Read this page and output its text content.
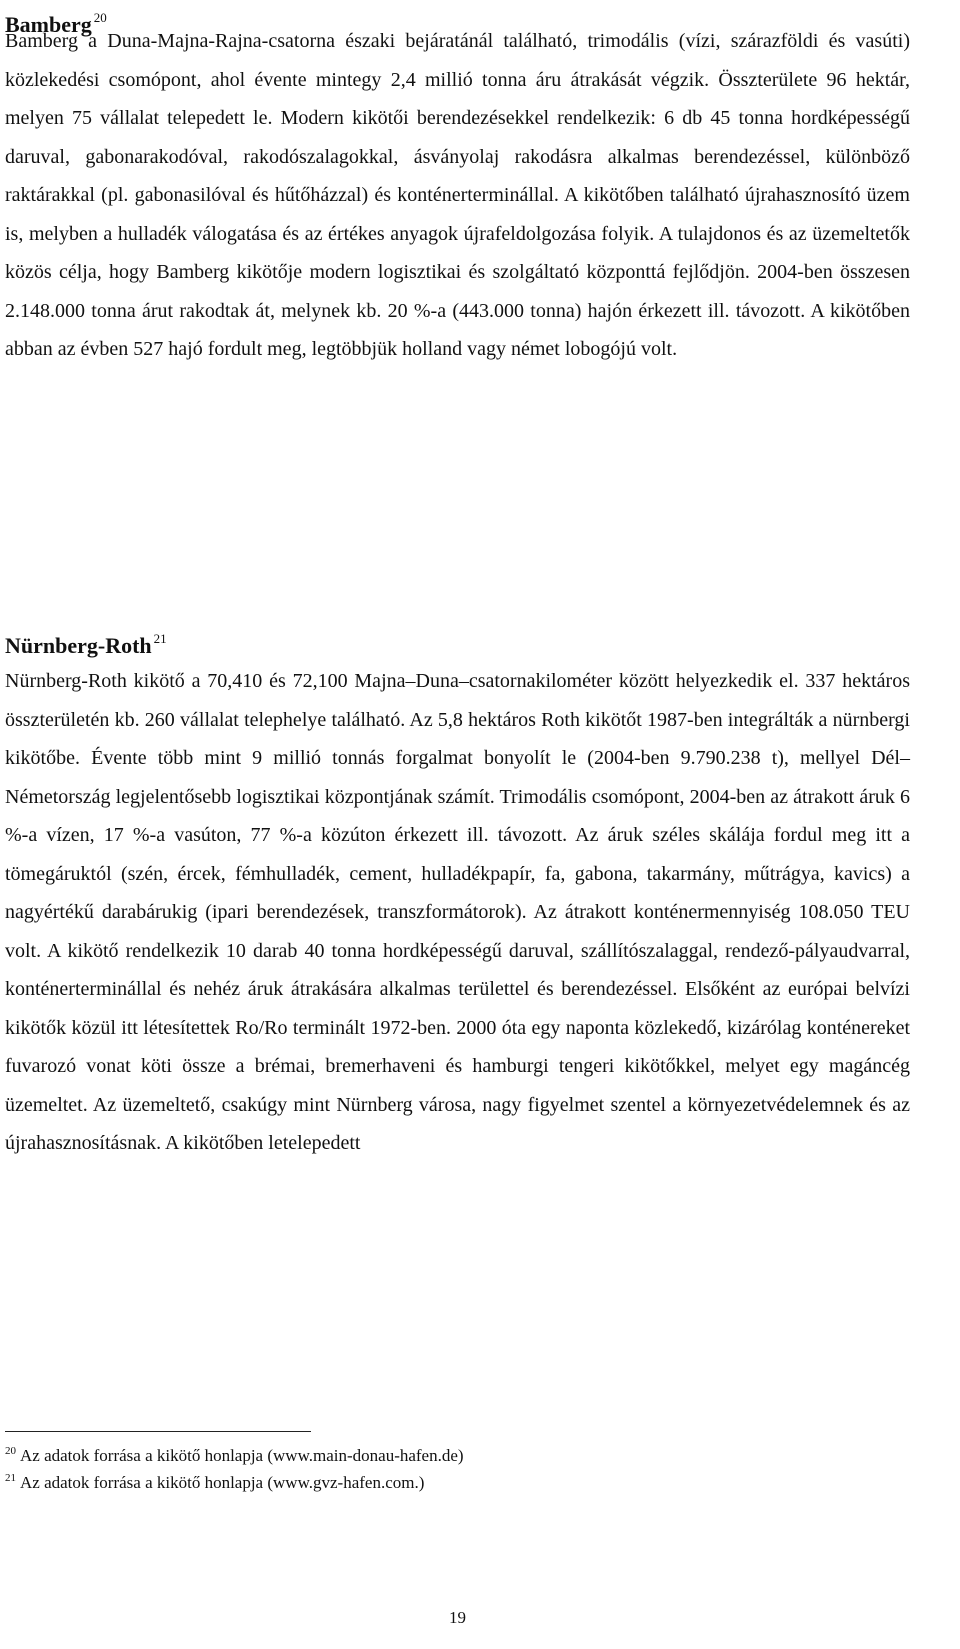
Bamberg $^{20}$

Bamberg a Duna-Majna-Rajna-csatorna északi bejáratánál található, trimodális (vízi, szárazföldi és vasúti) közlekedési csomópont, ahol évente mintegy 2,4 millió tonna áru átrakását végzik. Összterülete 96 hektár, melyen 75 vállalat telepedett le. Modern kikötői berendezésekkel rendelkezik: 6 db 45 tonna hordképességű daruval, gabonarakodóval, rakodószalagokkal, ásványolaj rakodásra alkalmas berendezéssel, különböző raktárakkal (pl. gabonasilóval és hűtőházzal) és konténerterminállal. A kikötőben található újrahasznosító üzem is, melyben a hulladék válogatása és az értékes anyagok újrafeldolgozása folyik. A tulajdonos és az üzemeltetők közös célja, hogy Bamberg kikötője modern logisztikai és szolgáltató központtá fejlődjön. 2004-ben összesen 2.148.000 tonna árut rakodtak át, melynek kb. 20 %-a (443.000 tonna) hajón érkezett ill. távozott. A kikötőben abban az évben 527 hajó fordult meg, legtöbbjük holland vagy német lobogójú volt.

Nürnberg-Roth $^{21}$

Nürnberg-Roth kikötő a 70,410 és 72,100 Majna–Duna–csatornakilométer között helyezkedik el. 337 hektáros összterületén kb. 260 vállalat telephelye található. Az 5,8 hektáros Roth kikötőt 1987-ben integrálták a nürnbergi kikötőbe. Évente több mint 9 millió tonnás forgalmat bonyolít le (2004-ben 9.790.238 t), mellyel Dél–Németország legjelentősebb logisztikai központjának számít. Trimodális csomópont, 2004-ben az átrakott áruk 6 %-a vízen, 17 %-a vasúton, 77 %-a közúton érkezett ill. távozott. Az áruk széles skálája fordul meg itt a tömegáruktól (szén, ércek, fémhulladék, cement, hulladékpapír, fa, gabona, takarmány, műtrágya, kavics) a nagyértékű darabárukig (ipari berendezések, transzformátorok). Az átrakott konténermennyiség 108.050 TEU volt. A kikötő rendelkezik 10 darab 40 tonna hordképességű daruval, szállítószalaggal, rendező-pályaudvarral, konténerterminállal és nehéz áruk átrakására alkalmas területtel és berendezéssel. Elsőként az európai belvízi kikötők közül itt létesítettek Ro/Ro terminált 1972-ben. 2000 óta egy naponta közlekedő, kizárólag konténereket fuvarozó vonat köti össze a brémai, bremerhaveni és hamburgi tengeri kikötőkkel, melyet egy magáncég üzemeltet. Az üzemeltető, csakúgy mint Nürnberg városa, nagy figyelmet szentel a környezetvédelemnek és az újrahasznosításnak. A kikötőben letelepedett

$^{20}$ Az adatok forrása a kikötő honlapja (www.main-donau-hafen.de)
$^{21}$ Az adatok forrása a kikötő honlapja (www.gvz-hafen.com.)
19
